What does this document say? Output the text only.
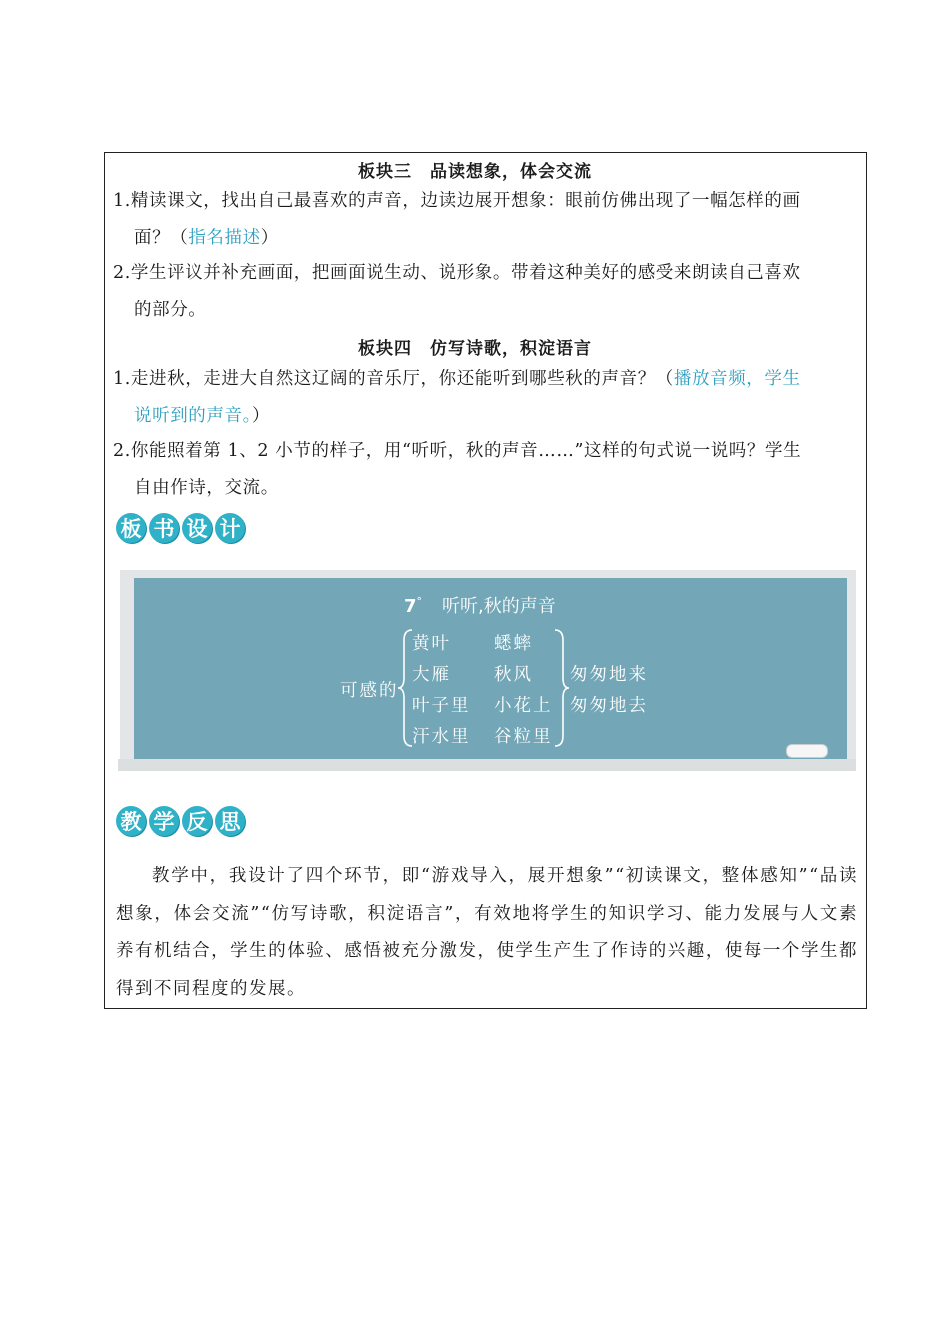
板块三　品读想象，体会交流
1.精读课文，找出自己最喜欢的声音，边读边展开想象：眼前仿佛出现了一幅怎样的画
面？（指名描述）
2.学生评议并补充画面，把画面说生动、说形象。带着这种美好的感受来朗读自己喜欢
的部分。
板块四　仿写诗歌，积淀语言
1.走进秋，走进大自然这辽阔的音乐厅，你还能听到哪些秋的声音？（播放音频，学生
说听到的声音。）
2.你能照着第 1、2 小节的样子，用“听听，秋的声音……”这样的句式说一说吗？学生
自由作诗，交流。
板 书 设 计
7° 听听,秋的声音
可感的
黄叶
大雁
叶子里
汗水里
蟋蟀
秋风
小花上
谷粒里
匆匆地来
匆匆地去
教 学 反 思
教学中，我设计了四个环节，即“游戏导入，展开想象”“初读课文，整体感知”“品读想象，体会交流”“仿写诗歌，积淀语言”，有效地将学生的知识学习、能力发展与人文素养有机结合，学生的体验、感悟被充分激发，使学生产生了作诗的兴趣，使每一个学生都得到不同程度的发展。
